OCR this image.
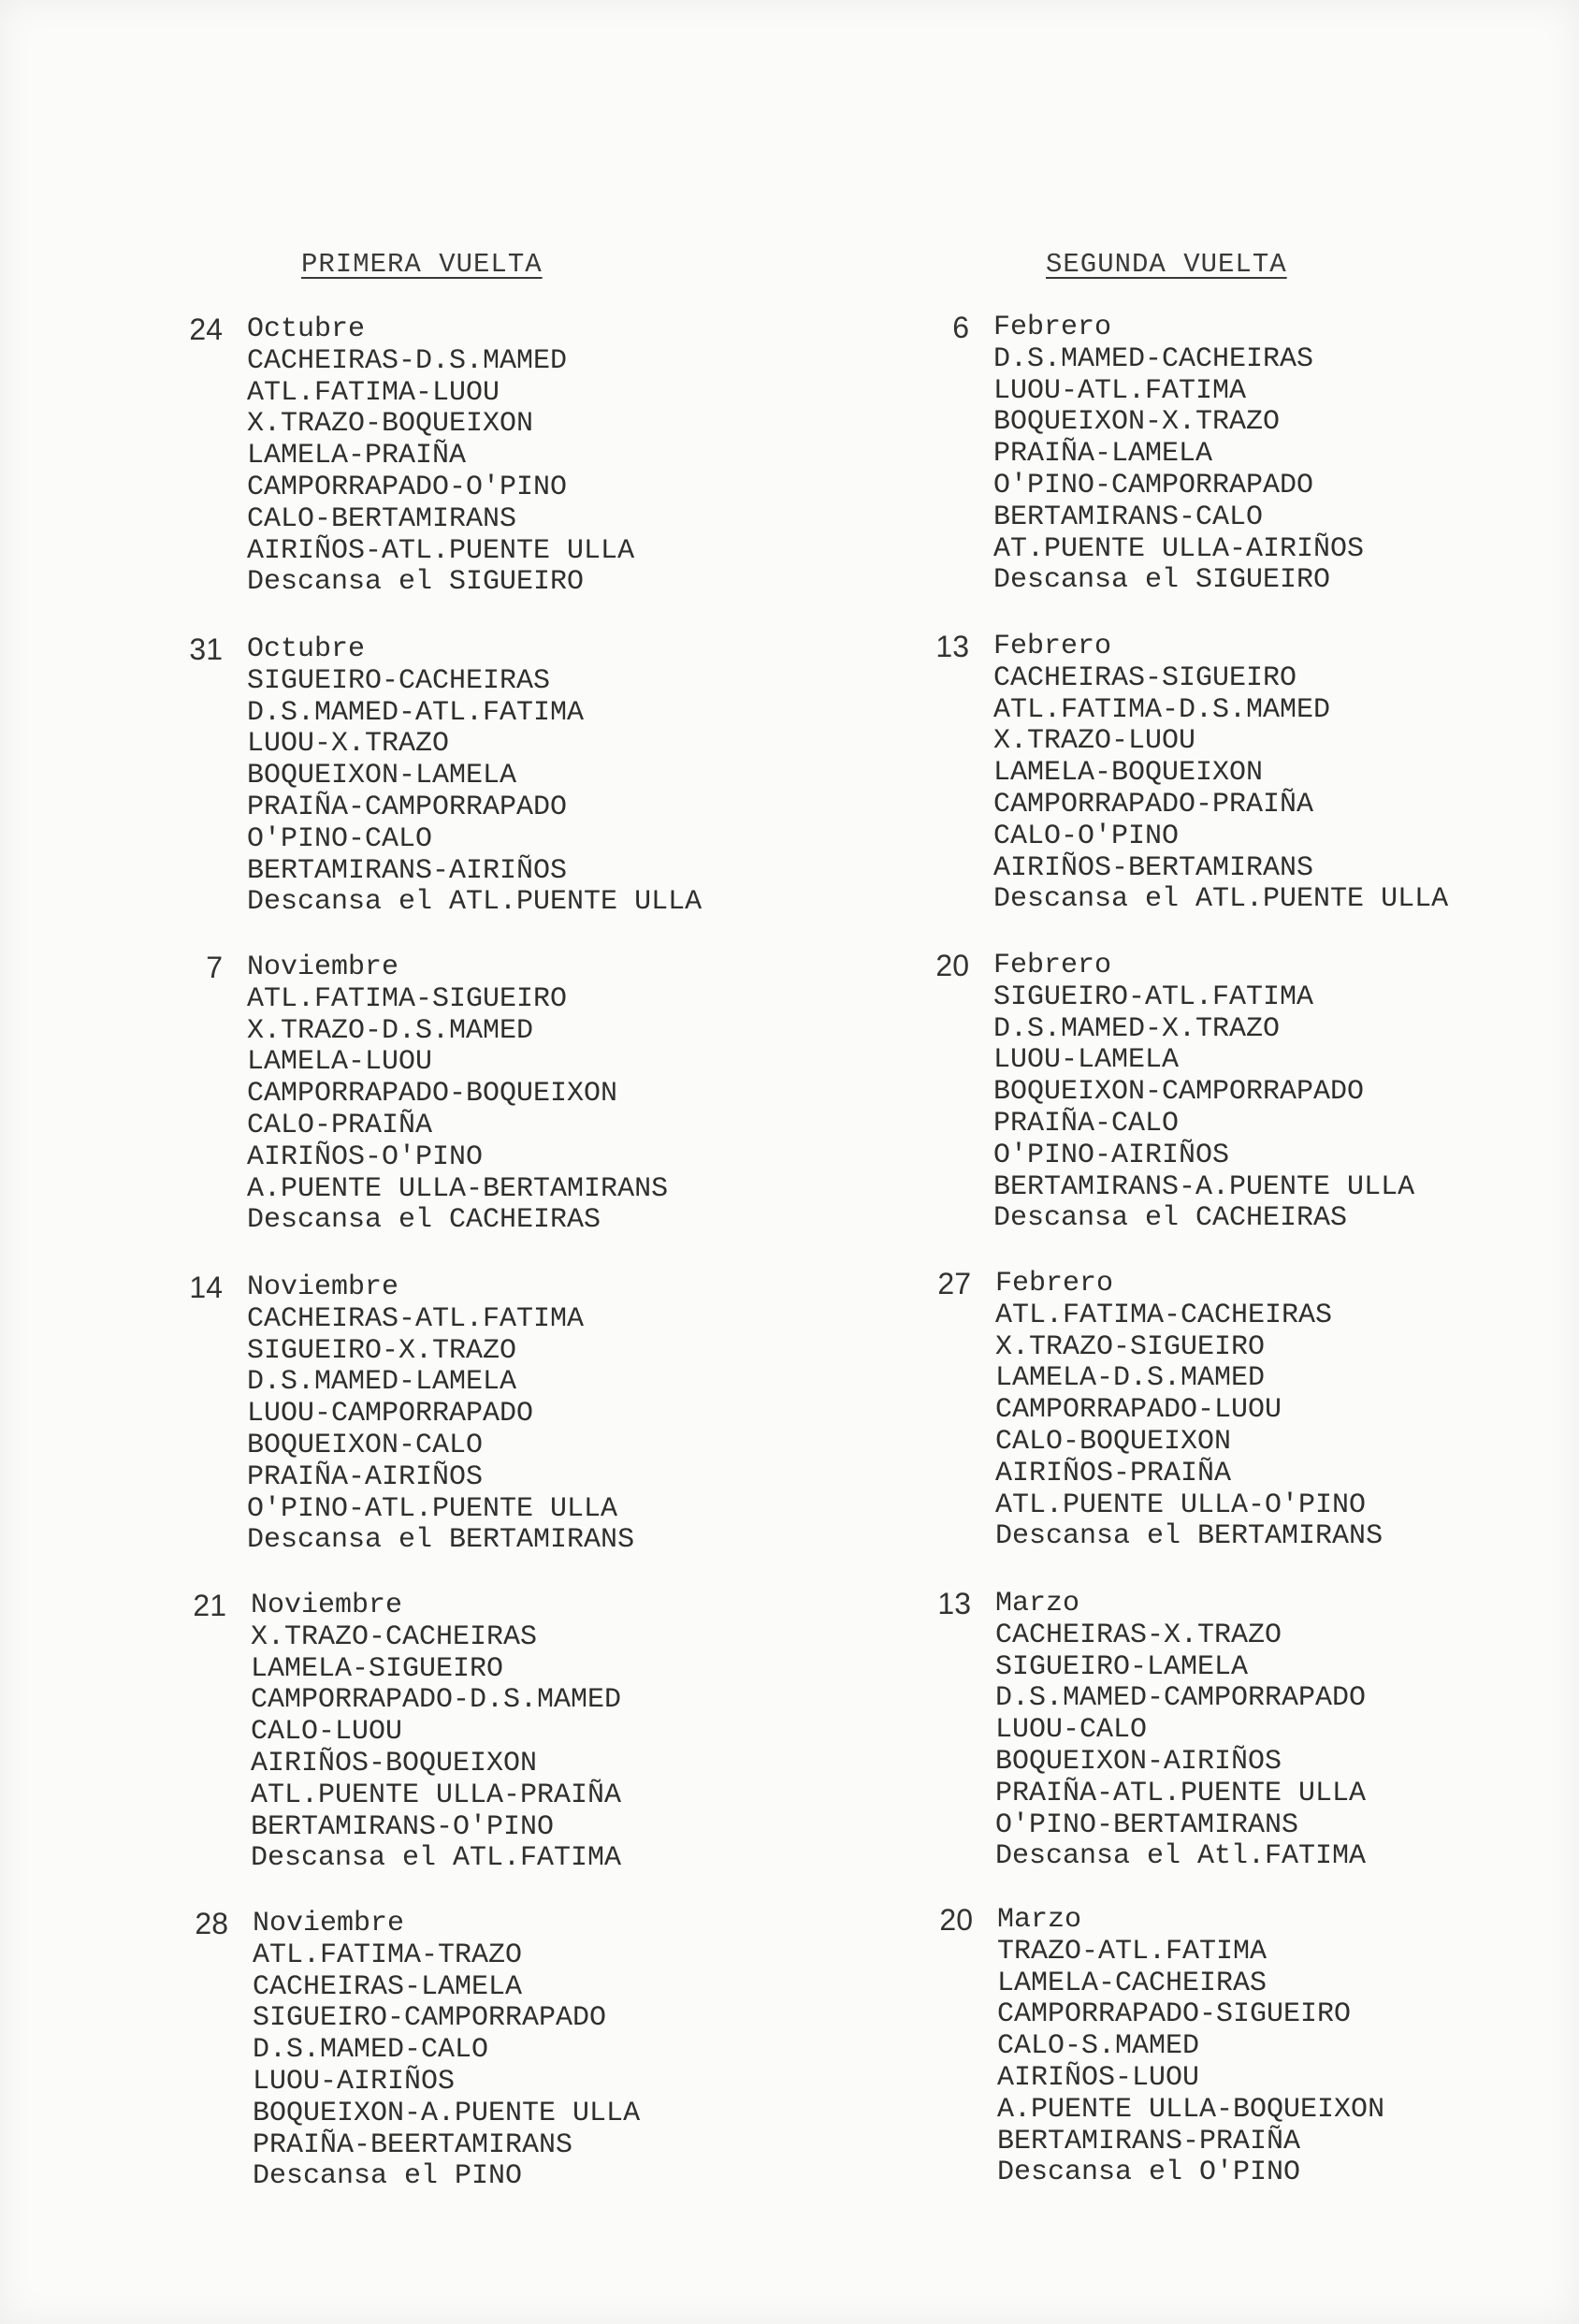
PRIMERA VUELTA	SEGUNDA VUELTA
24 Octubre
CACHEIRAS-D.S.MAMED
ATL.FATIMA-LUOU
X.TRAZO-BOQUEIXON
LAMELA-PRAIÑA
CAMPORRAPADO-O'PINO
CALO-BERTAMIRANS
AIRIÑOS-ATL.PUENTE ULLA
Descansa el SIGUEIRO
31 Octubre
SIGUEIRO-CACHEIRAS
D.S.MAMED-ATL.FATIMA
LUOU-X.TRAZO
BOQUEIXON-LAMELA
PRAIÑA-CAMPORRAPADO
O'PINO-CALO
BERTAMIRANS-AIRIÑOS
Descansa el ATL.PUENTE ULLA
7 Noviembre
ATL.FATIMA-SIGUEIRO
X.TRAZO-D.S.MAMED
LAMELA-LUOU
CAMPORRAPADO-BOQUEIXON
CALO-PRAIÑA
AIRIÑOS-O'PINO
A.PUENTE ULLA-BERTAMIRANS
Descansa el CACHEIRAS
14 Noviembre
CACHEIRAS-ATL.FATIMA
SIGUEIRO-X.TRAZO
D.S.MAMED-LAMELA
LUOU-CAMPORRAPADO
BOQUEIXON-CALO
PRAIÑA-AIRIÑOS
O'PINO-ATL.PUENTE ULLA
Descansa el BERTAMIRANS
21 Noviembre
X.TRAZO-CACHEIRAS
LAMELA-SIGUEIRO
CAMPORRAPADO-D.S.MAMED
CALO-LUOU
AIRIÑOS-BOQUEIXON
ATL.PUENTE ULLA-PRAIÑA
BERTAMIRANS-O'PINO
Descansa el ATL.FATIMA
28 Noviembre
ATL.FATIMA-TRAZO
CACHEIRAS-LAMELA
SIGUEIRO-CAMPORRAPADO
D.S.MAMED-CALO
LUOU-AIRIÑOS
BOQUEIXON-A.PUENTE ULLA
PRAIÑA-BEERTAMIRANS
Descansa el PINO
6 Febrero
D.S.MAMED-CACHEIRAS
LUOU-ATL.FATIMA
BOQUEIXON-X.TRAZO
PRAIÑA-LAMELA
O'PINO-CAMPORRAPADO
BERTAMIRANS-CALO
AT.PUENTE ULLA-AIRIÑOS
Descansa el SIGUEIRO
13 Febrero
CACHEIRAS-SIGUEIRO
ATL.FATIMA-D.S.MAMED
X.TRAZO-LUOU
LAMELA-BOQUEIXON
CAMPORRAPADO-PRAIÑA
CALO-O'PINO
AIRIÑOS-BERTAMIRANS
Descansa el ATL.PUENTE ULLA
20 Febrero
SIGUEIRO-ATL.FATIMA
D.S.MAMED-X.TRAZO
LUOU-LAMELA
BOQUEIXON-CAMPORRAPADO
PRAIÑA-CALO
O'PINO-AIRIÑOS
BERTAMIRANS-A.PUENTE ULLA
Descansa el CACHEIRAS
27 Febrero
ATL.FATIMA-CACHEIRAS
X.TRAZO-SIGUEIRO
LAMELA-D.S.MAMED
CAMPORRAPADO-LUOU
CALO-BOQUEIXON
AIRIÑOS-PRAIÑA
ATL.PUENTE ULLA-O'PINO
Descansa el BERTAMIRANS
13 Marzo
CACHEIRAS-X.TRAZO
SIGUEIRO-LAMELA
D.S.MAMED-CAMPORRAPADO
LUOU-CALO
BOQUEIXON-AIRIÑOS
PRAIÑA-ATL.PUENTE ULLA
O'PINO-BERTAMIRANS
Descansa el Atl.FATIMA
20 Marzo
TRAZO-ATL.FATIMA
LAMELA-CACHEIRAS
CAMPORRAPADO-SIGUEIRO
CALO-S.MAMED
AIRIÑOS-LUOU
A.PUENTE ULLA-BOQUEIXON
BERTAMIRANS-PRAIÑA
Descansa el O'PINO
